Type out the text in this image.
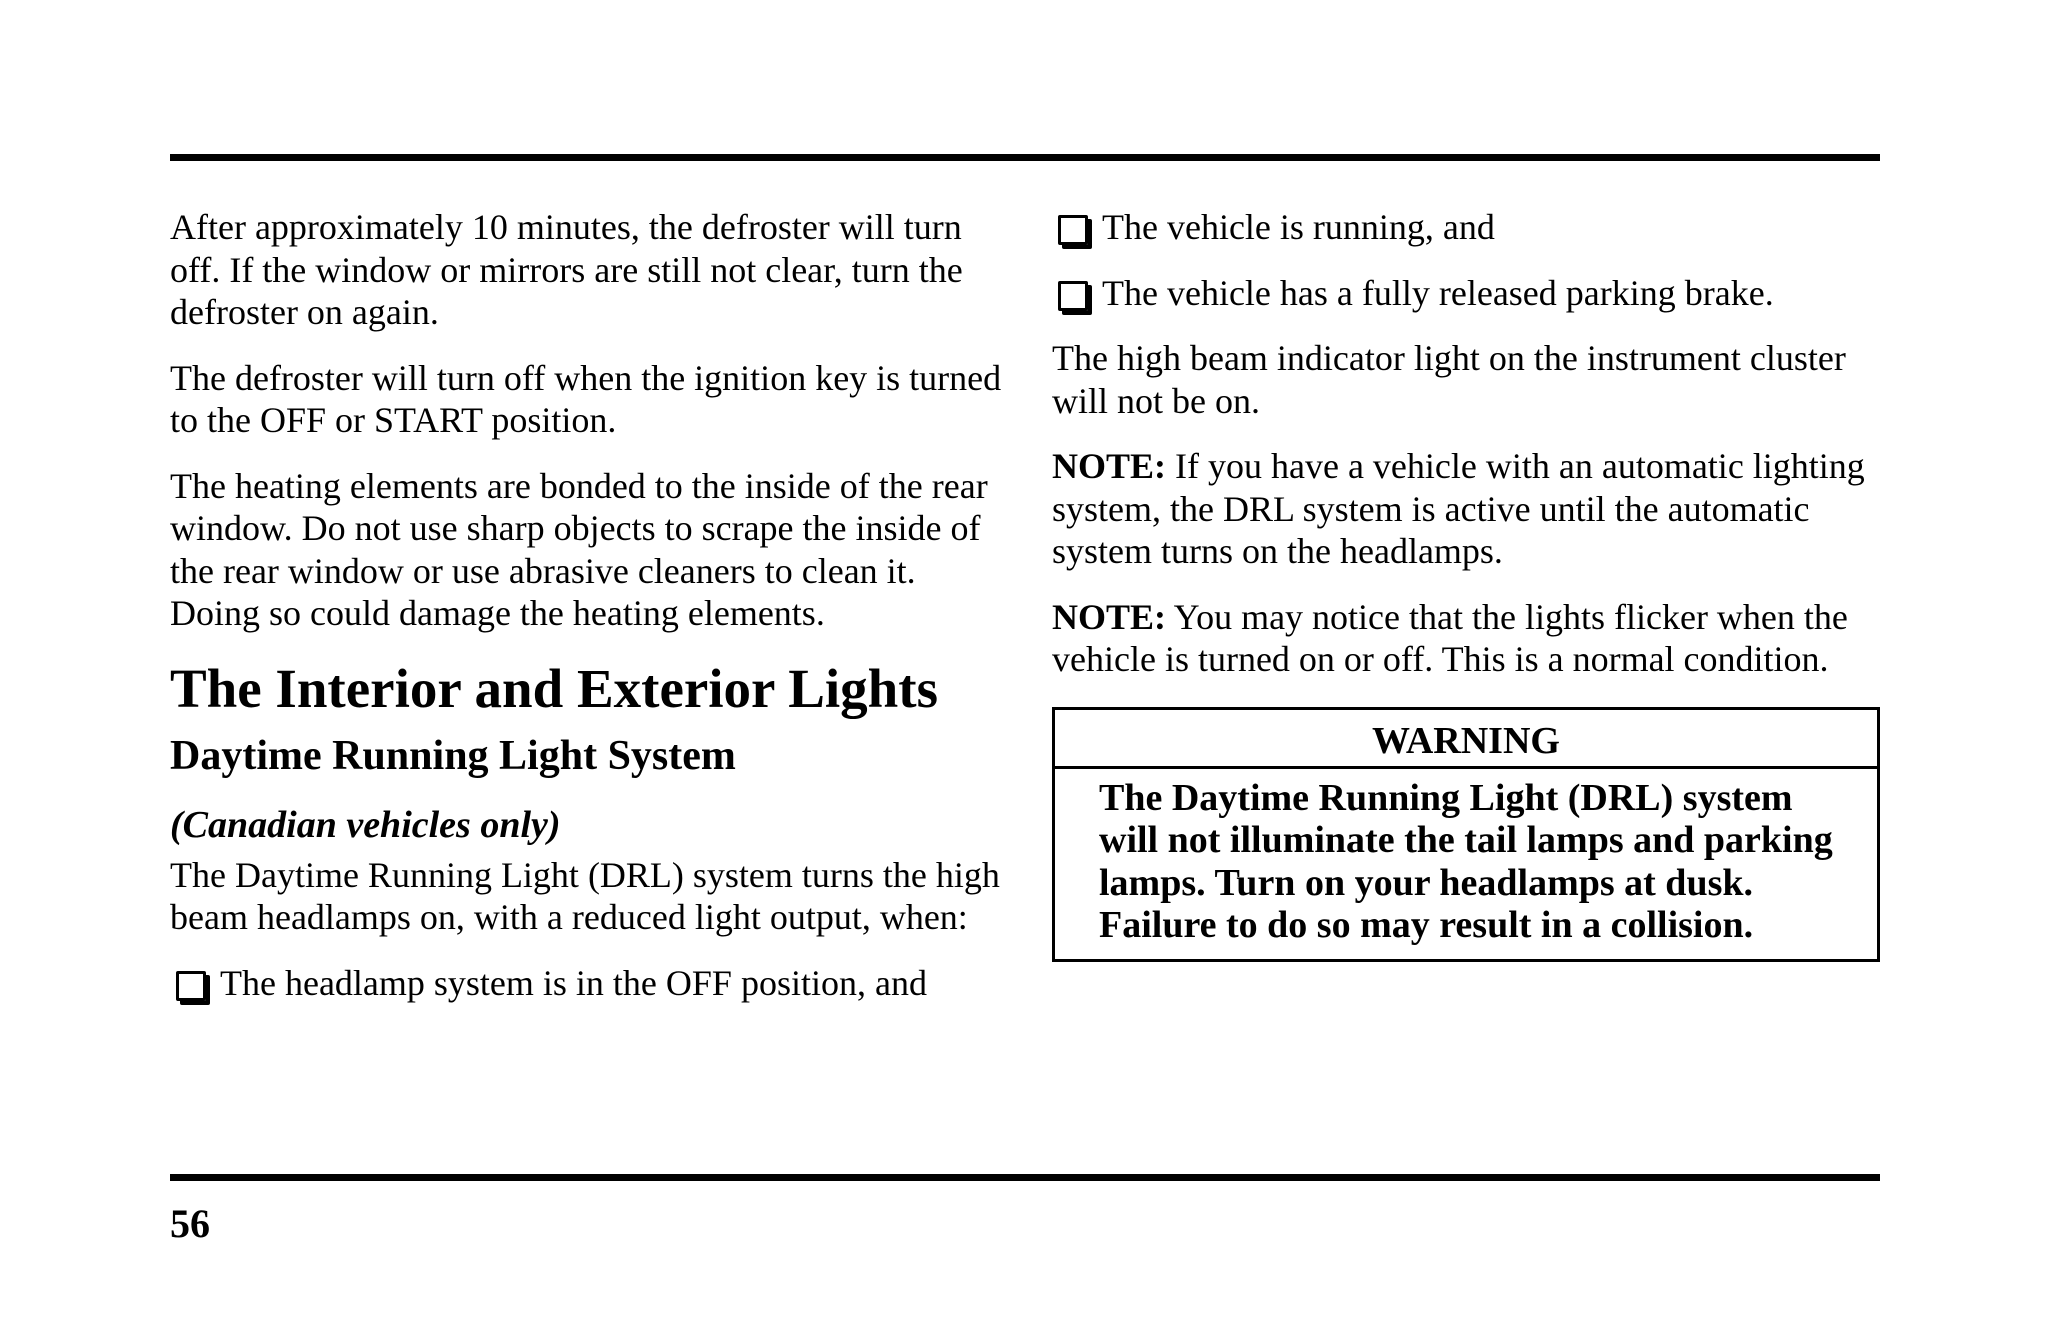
After approximately 10 minutes, the defroster will turn off. If the window or mirrors are still not clear, turn the defroster on again.

The defroster will turn off when the ignition key is turned to the OFF or START position.

The heating elements are bonded to the inside of the rear window. Do not use sharp objects to scrape the inside of the rear window or use abrasive cleaners to clean it. Doing so could damage the heating elements.

The Interior and Exterior Lights
Daytime Running Light System
(Canadian vehicles only)

The Daytime Running Light (DRL) system turns the high beam headlamps on, with a reduced light output, when:

The headlamp system is in the OFF position, and
The vehicle is running, and
The vehicle has a fully released parking brake.

The high beam indicator light on the instrument cluster will not be on.

NOTE: If you have a vehicle with an automatic lighting system, the DRL system is active until the automatic system turns on the headlamps.

NOTE: You may notice that the lights flicker when the vehicle is turned on or off. This is a normal condition.

WARNING
The Daytime Running Light (DRL) system will not illuminate the tail lamps and parking lamps. Turn on your headlamps at dusk. Failure to do so may result in a collision.
56
